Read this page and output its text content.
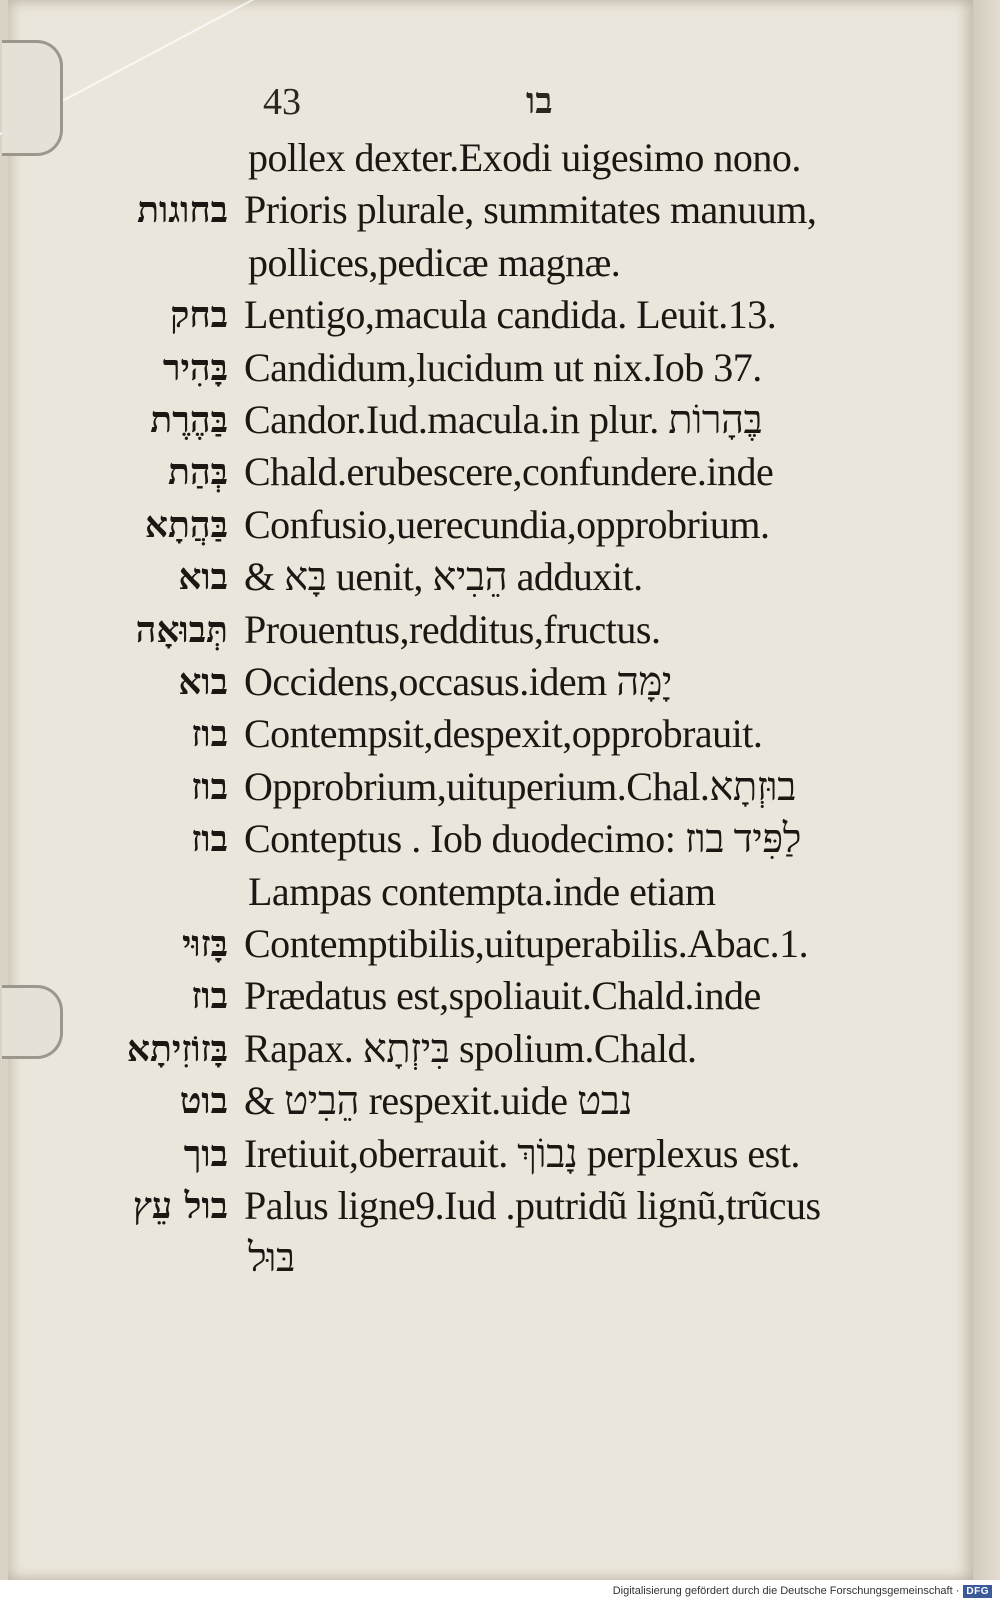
43	בו
pollex dexter.Exodi uigesimo nono.
בחוגות Prioris plurale, summitates manuum,
pollices,pedicæ magnæ.
בחק Lentigo,macula candida. Leuit.13.
בָּהִיר Candidum,lucidum ut nix.Iob 37.
בַּהֶרֶת Candor.Iud.macula.in plur. בֶּהָרוֹת
בְּהַת Chald.erubescere,confundere.inde
בַּהֲתָא Confusio,uerecundia,opprobrium.
בוא & בָּא uenit, הֵבִיא adduxit.
תְּבוּאָה Prouentus,redditus,fructus.
בוא Occidens,occasus.idem יָמָּה
בוז Contempsit,despexit,opprobrauit.
בוז Opprobrium,uituperium.Chal.בוּזְתָא
בוז Conteptus . Iob duodecimo: לַפִּיד בוז
Lampas contempta.inde etiam
בָּזוּי Contemptibilis,uituperabilis.Abac.1.
בוז Prædatus est,spoliauit.Chald.inde
בָּזוֹזִיתָא Rapax. בִּיזְתָא spolium.Chald.
בוט & הֵבִיט respexit.uide נבט
בוך Iretiuit,oberrauit. נָבוֹךְ perplexus est.
בול עֵץ Palus ligne9.Iud .putridũ lignũ,trũcus
בּוּל
Digitalisierung gefördert durch die Deutsche Forschungsgemeinschaft · DFG
